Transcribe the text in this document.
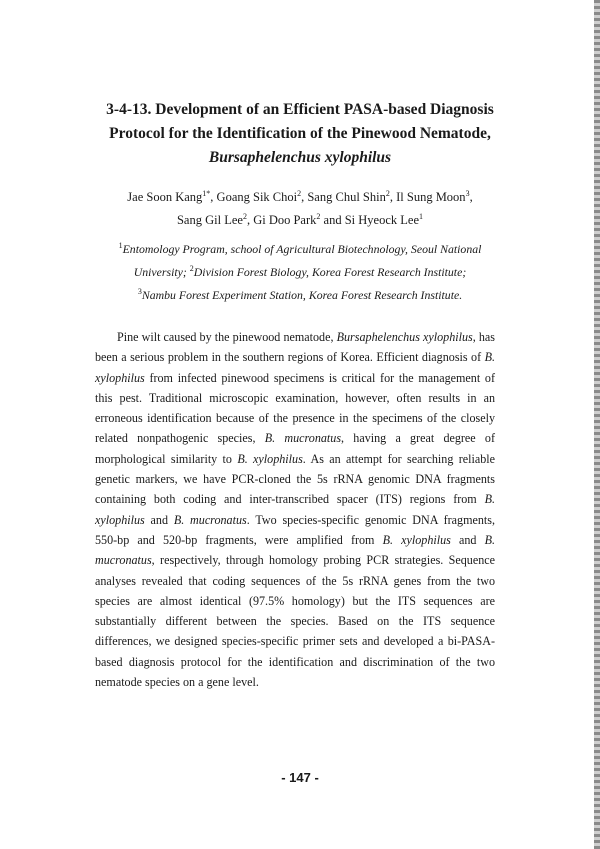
3-4-13. Development of an Efficient PASA-based Diagnosis
Protocol for the Identification of the Pinewood Nematode,
Bursaphelenchus xylophilus
Jae Soon Kang$^{1*}$, Goang Sik Choi$^2$, Sang Chul Shin$^2$, Il Sung Moon$^3$,
Sang Gil Lee$^2$, Gi Doo Park$^2$ and Si Hyeock Lee$^1$
$^1$Entomology Program, school of Agricultural Biotechnology, Seoul National
University; $^2$Division Forest Biology, Korea Forest Research Institute;
$^3$Nambu Forest Experiment Station, Korea Forest Research Institute.
Pine wilt caused by the pinewood nematode, Bursaphelenchus xylophilus, has been a serious problem in the southern regions of Korea. Efficient diagnosis of B. xylophilus from infected pinewood specimens is critical for the management of this pest. Traditional microscopic examination, however, often results in an erroneous identification because of the presence in the specimens of the closely related nonpathogenic species, B. mucronatus, having a great degree of morphological similarity to B. xylophilus. As an attempt for searching reliable genetic markers, we have PCR-cloned the 5s rRNA genomic DNA fragments containing both coding and inter-transcribed spacer (ITS) regions from B. xylophilus and B. mucronatus. Two species-specific genomic DNA fragments, 550-bp and 520-bp fragments, were amplified from B. xylophilus and B. mucronatus, respectively, through homology probing PCR strategies. Sequence analyses revealed that coding sequences of the 5s rRNA genes from the two species are almost identical (97.5% homology) but the ITS sequences are substantially different between the species. Based on the ITS sequence differences, we designed species-specific primer sets and developed a bi-PASA-based diagnosis protocol for the identification and discrimination of the two nematode species on a gene level.
- 147 -
